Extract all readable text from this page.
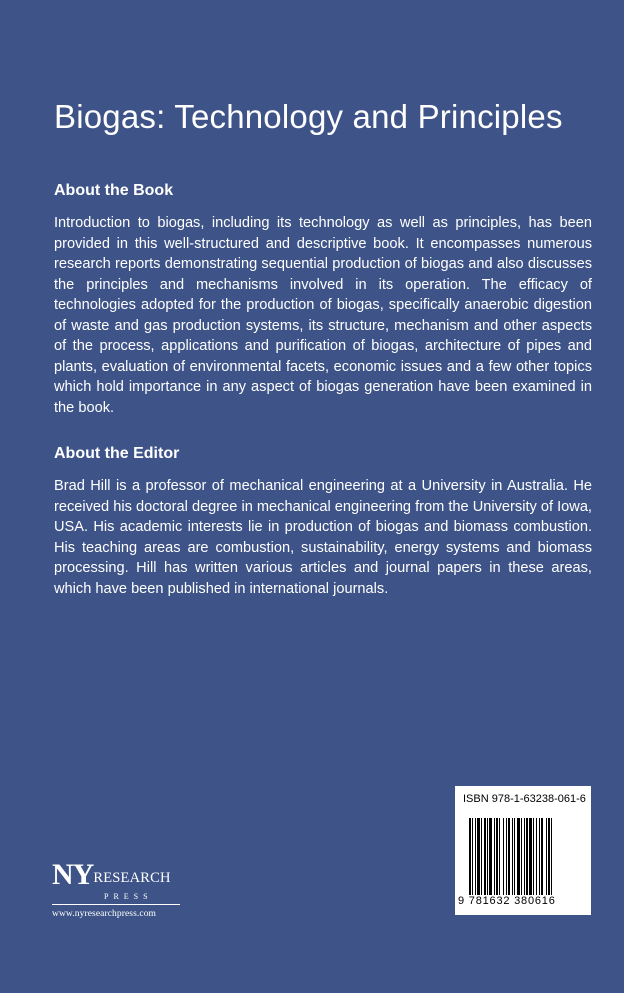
Biogas: Technology and Principles
About the Book

Introduction to biogas, including its technology as well as principles, has been provided in this well-structured and descriptive book. It encompasses numerous research reports demonstrating sequential production of biogas and also discusses the principles and mechanisms involved in its operation. The efficacy of technologies adopted for the production of biogas, specifically anaerobic digestion of waste and gas production systems, its structure, mechanism and other aspects of the process, applications and purification of biogas, architecture of pipes and plants, evaluation of environmental facets, economic issues and a few other topics which hold importance in any aspect of biogas generation have been examined in the book.

About the Editor

Brad Hill is a professor of mechanical engineering at a University in Australia. He received his doctoral degree in mechanical engineering from the University of Iowa, USA. His academic interests lie in production of biogas and biomass combustion. His teaching areas are combustion, sustainability, energy systems and biomass processing. Hill has written various articles and journal papers in these areas, which have been published in international journals.

NYRESEARCH
PRESS
www.nyresearchpress.com
ISBN 978-1-63238-061-6
9 781632 380616
